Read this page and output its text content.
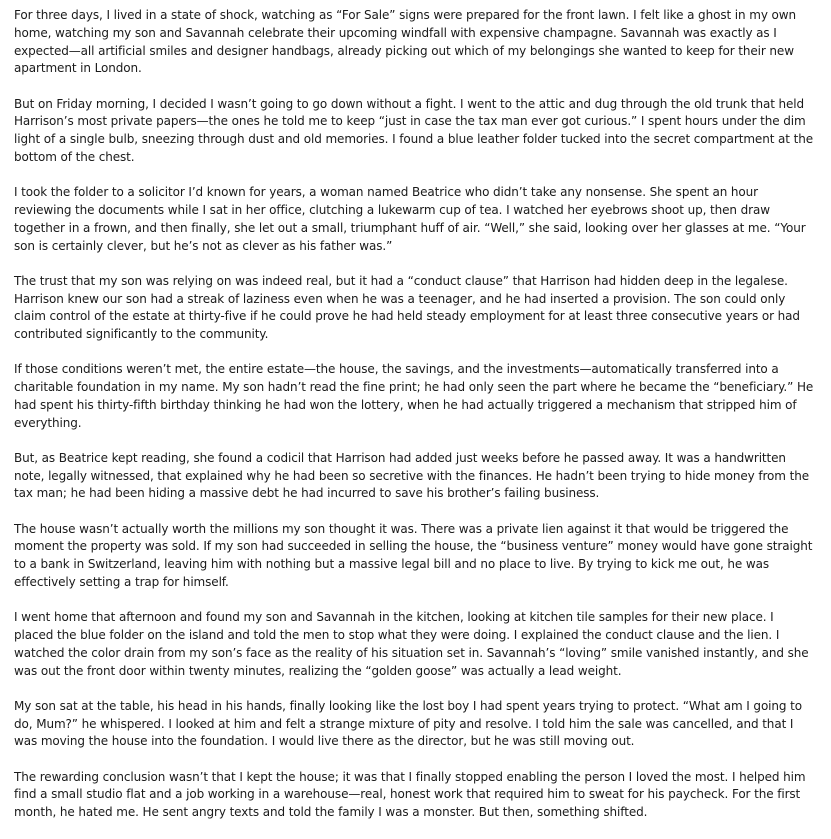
For three days, I lived in a state of shock, watching as “For Sale” signs were prepared for the front lawn. I felt like a ghost in my own home, watching my son and Savannah celebrate their upcoming windfall with expensive champagne. Savannah was exactly as I expected—all artificial smiles and designer handbags, already picking out which of my belongings she wanted to keep for their new apartment in London.

But on Friday morning, I decided I wasn’t going to go down without a fight. I went to the attic and dug through the old trunk that held Harrison’s most private papers—the ones he told me to keep “just in case the tax man ever got curious.” I spent hours under the dim light of a single bulb, sneezing through dust and old memories. I found a blue leather folder tucked into the secret compartment at the bottom of the chest.

I took the folder to a solicitor I’d known for years, a woman named Beatrice who didn’t take any nonsense. She spent an hour reviewing the documents while I sat in her office, clutching a lukewarm cup of tea. I watched her eyebrows shoot up, then draw together in a frown, and then finally, she let out a small, triumphant huff of air. “Well,” she said, looking over her glasses at me. “Your son is certainly clever, but he’s not as clever as his father was.”

The trust that my son was relying on was indeed real, but it had a “conduct clause” that Harrison had hidden deep in the legalese. Harrison knew our son had a streak of laziness even when he was a teenager, and he had inserted a provision. The son could only claim control of the estate at thirty-five if he could prove he had held steady employment for at least three consecutive years or had contributed significantly to the community.

If those conditions weren’t met, the entire estate—the house, the savings, and the investments—automatically transferred into a charitable foundation in my name. My son hadn’t read the fine print; he had only seen the part where he became the “beneficiary.” He had spent his thirty-fifth birthday thinking he had won the lottery, when he had actually triggered a mechanism that stripped him of everything.

But, as Beatrice kept reading, she found a codicil that Harrison had added just weeks before he passed away. It was a handwritten note, legally witnessed, that explained why he had been so secretive with the finances. He hadn’t been trying to hide money from the tax man; he had been hiding a massive debt he had incurred to save his brother’s failing business.

The house wasn’t actually worth the millions my son thought it was. There was a private lien against it that would be triggered the moment the property was sold. If my son had succeeded in selling the house, the “business venture” money would have gone straight to a bank in Switzerland, leaving him with nothing but a massive legal bill and no place to live. By trying to kick me out, he was effectively setting a trap for himself.

I went home that afternoon and found my son and Savannah in the kitchen, looking at kitchen tile samples for their new place. I placed the blue folder on the island and told the men to stop what they were doing. I explained the conduct clause and the lien. I watched the color drain from my son’s face as the reality of his situation set in. Savannah’s “loving” smile vanished instantly, and she was out the front door within twenty minutes, realizing the “golden goose” was actually a lead weight.

My son sat at the table, his head in his hands, finally looking like the lost boy I had spent years trying to protect. “What am I going to do, Mum?” he whispered. I looked at him and felt a strange mixture of pity and resolve. I told him the sale was cancelled, and that I was moving the house into the foundation. I would live there as the director, but he was still moving out.

The rewarding conclusion wasn’t that I kept the house; it was that I finally stopped enabling the person I loved the most. I helped him find a small studio flat and a job working in a warehouse—real, honest work that required him to sweat for his paycheck. For the first month, he hated me. He sent angry texts and told the family I was a monster. But then, something shifted.
